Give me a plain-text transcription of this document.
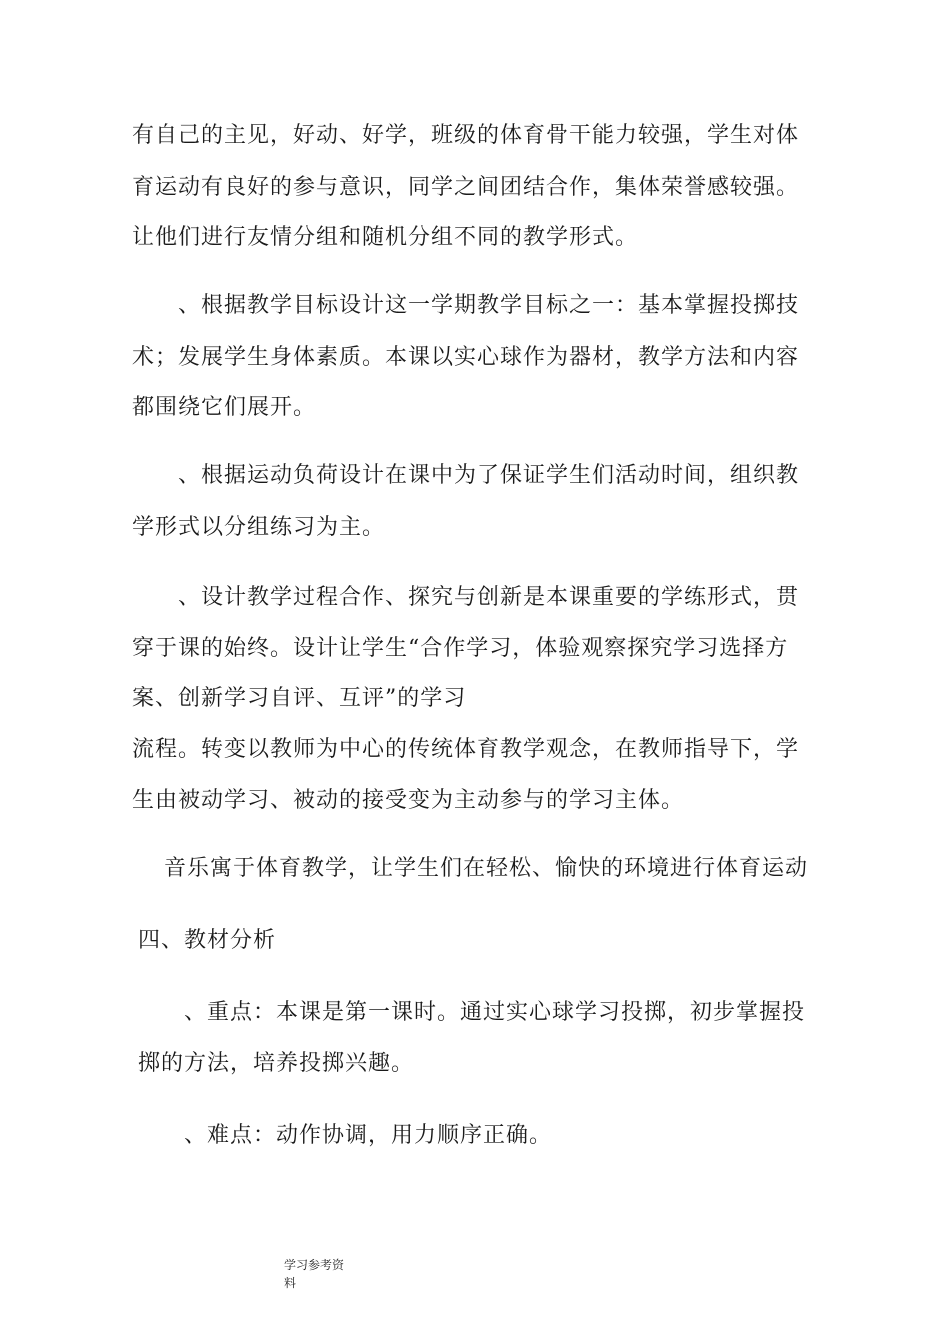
有自己的主见，好动、好学，班级的体育骨干能力较强，学生对体
育运动有良好的参与意识，同学之间团结合作，集体荣誉感较强。
让他们进行友情分组和随机分组不同的教学形式。
、根据教学目标设计这一学期教学目标之一：基本掌握投掷技
术；发展学生身体素质。本课以实心球作为器材，教学方法和内容
都围绕它们展开。
、根据运动负荷设计在课中为了保证学生们活动时间，组织教
学形式以分组练习为主。
、设计教学过程合作、探究与创新是本课重要的学练形式，贯
穿于课的始终。设计让学生“合作学习，体验观察探究学习选择方
案、创新学习自评、互评”的学习
流程。转变以教师为中心的传统体育教学观念，在教师指导下，学
生由被动学习、被动的接受变为主动参与的学习主体。
音乐寓于体育教学，让学生们在轻松、愉快的环境进行体育运动
四、教材分析
、重点：本课是第一课时。通过实心球学习投掷，初步掌握投
掷的方法，培养投掷兴趣。
、难点：动作协调，用力顺序正确。
学习参考资
料
